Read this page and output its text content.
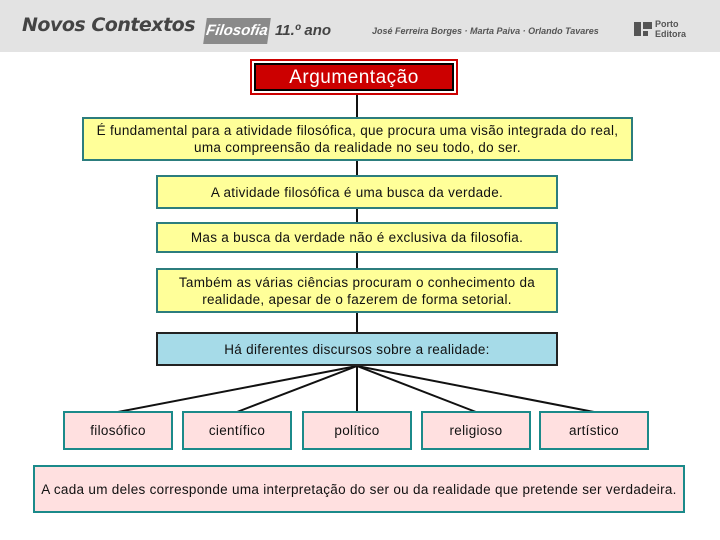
Novos Contextos Filosofia 11.º ano	José Ferreira Borges · Marta Paiva · Orlando Tavares
Porto Editora
Argumentação
É fundamental para a atividade filosófica, que procura uma visão integrada do real, uma compreensão da realidade no seu todo, do ser.
A atividade filosófica é uma busca da verdade.
Mas a busca da verdade não é exclusiva da filosofia.
Também as várias ciências procuram o conhecimento da realidade, apesar de o fazerem de forma setorial.
Há diferentes discursos sobre a realidade:
filosófico	científico	político	religioso	artístico
A cada um deles corresponde uma interpretação do ser ou da realidade que pretende ser verdadeira.
